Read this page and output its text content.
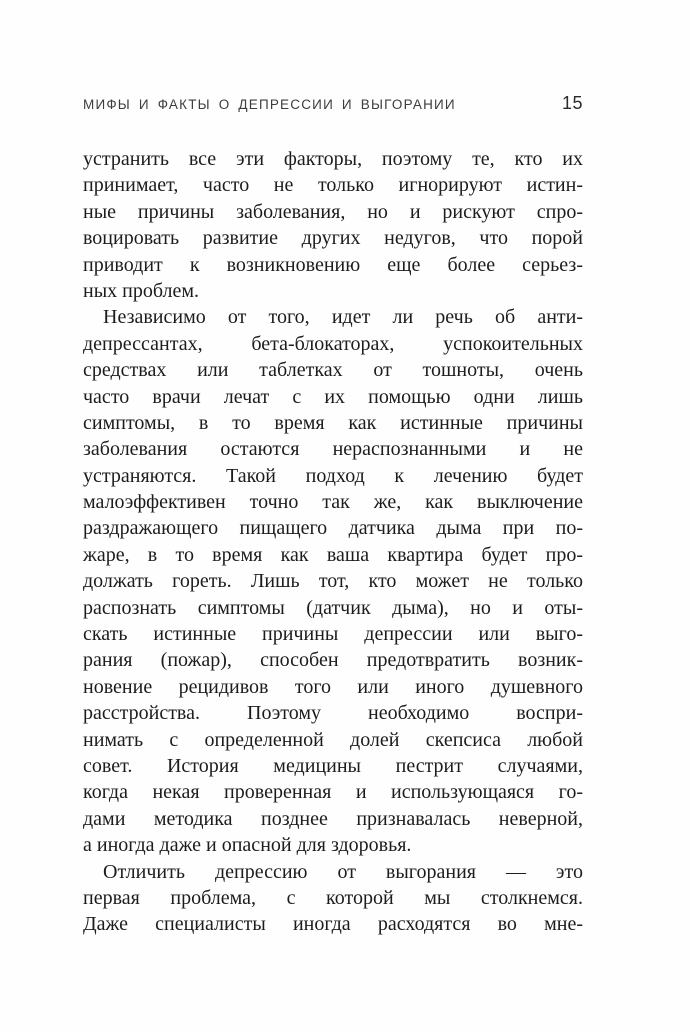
МИФЫ И ФАКТЫ О ДЕПРЕССИИ И ВЫГОРАНИИ	15
устранить все эти факторы, поэтому те, кто их
принимает, часто не только игнорируют истин-
ные причины заболевания, но и рискуют спро-
воцировать развитие других недугов, что порой
приводит к возникновению еще более серьез-
ных проблем.
Независимо от того, идет ли речь об анти-
депрессантах, бета-блокаторах, успокоительных
средствах или таблетках от тошноты, очень
часто врачи лечат с их помощью одни лишь
симптомы, в то время как истинные причины
заболевания остаются нераспознанными и не
устраняются. Такой подход к лечению будет
малоэффективен точно так же, как выключение
раздражающего пищащего датчика дыма при по-
жаре, в то время как ваша квартира будет про-
должать гореть. Лишь тот, кто может не только
распознать симптомы (датчик дыма), но и оты-
скать истинные причины депрессии или выго-
рания (пожар), способен предотвратить возник-
новение рецидивов того или иного душевного
расстройства. Поэтому необходимо воспри-
нимать с определенной долей скепсиса любой
совет. История медицины пестрит случаями,
когда некая проверенная и использующаяся го-
дами методика позднее признавалась неверной,
а иногда даже и опасной для здоровья.
Отличить депрессию от выгорания — это
первая проблема, с которой мы столкнемся.
Даже специалисты иногда расходятся во мне-
